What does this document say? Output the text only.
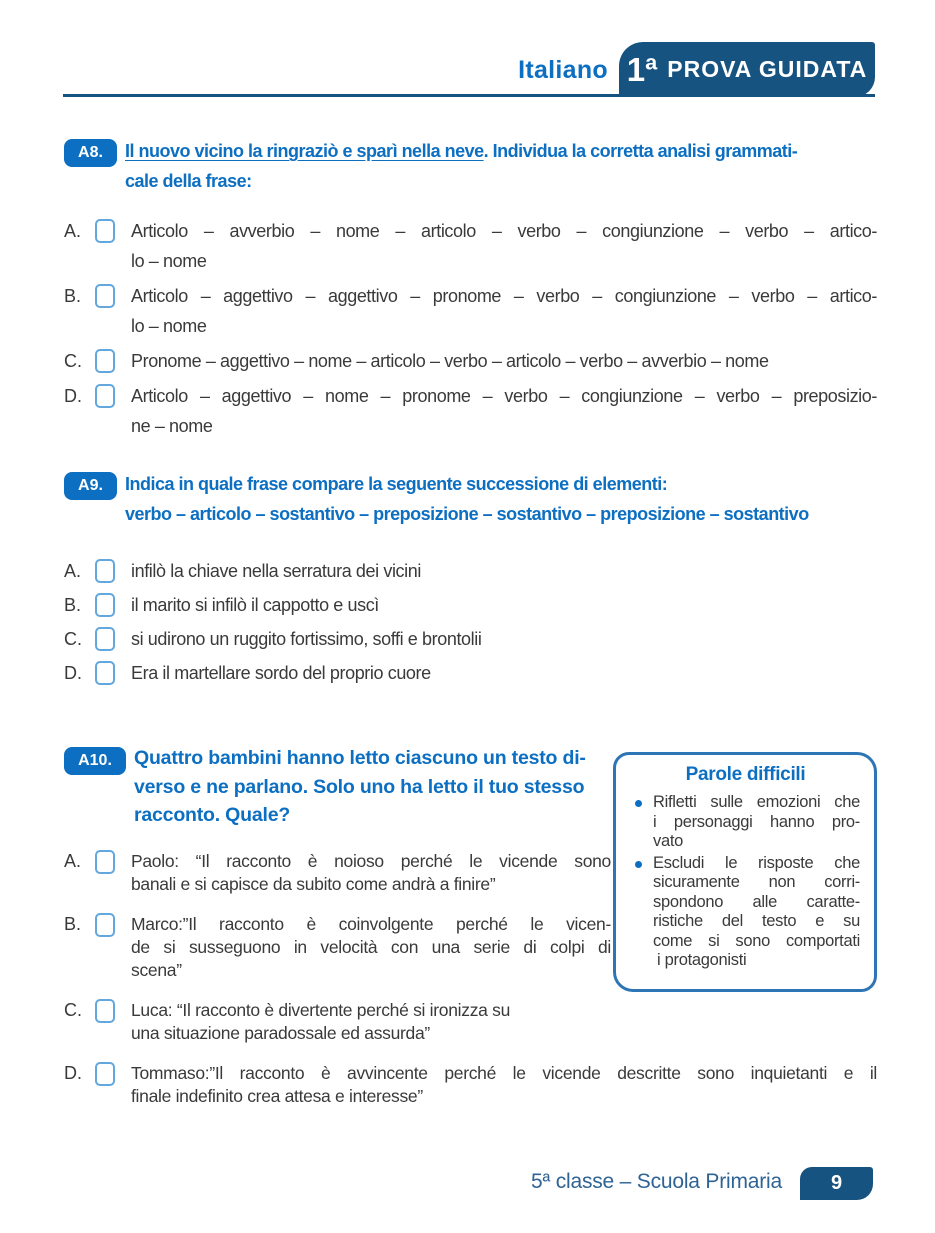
Italiano 1ª PROVA GUIDATA
A8.	Il nuovo vicino la ringraziò e sparì nella neve. Individua la corretta analisi grammati-
cale della frase:
A.	Articolo – avverbio – nome – articolo – verbo – congiunzione – verbo – artico-
lo – nome
B.	Articolo – aggettivo – aggettivo – pronome – verbo – congiunzione – verbo – artico-
lo – nome
C.	Pronome – aggettivo – nome – articolo – verbo – articolo – verbo – avverbio – nome
D.	Articolo – aggettivo – nome – pronome – verbo – congiunzione – verbo – preposizio-
ne – nome
A9.	Indica in quale frase compare la seguente successione di elementi:
verbo – articolo – sostantivo – preposizione – sostantivo – preposizione – sostantivo
A.	infilò la chiave nella serratura dei vicini
B.	il marito si infilò il cappotto e uscì
C.	si udirono un ruggito fortissimo, soffi e brontolii
D.	Era il martellare sordo del proprio cuore
A10.	Quattro bambini hanno letto ciascuno un testo di-
verso e ne parlano. Solo uno ha letto il tuo stesso
racconto. Quale?
Parole difficili
Rifletti sulle emozioni che
i personaggi hanno pro-
vato
Escludi le risposte che
sicuramente non corri-
spondono alle caratte-
ristiche del testo e su
come si sono comportati
i protagonisti
A.	Paolo: “Il racconto è noioso perché le vicende sono
banali e si capisce da subito come andrà a finire”
B.	Marco:”Il racconto è coinvolgente perché le vicen-
de si susseguono in velocità con una serie di colpi di
scena”
C.	Luca: “Il racconto è divertente perché si ironizza su
una situazione paradossale ed assurda”
D.	Tommaso:”Il racconto è avvincente perché le vicende descritte sono inquietanti e il
finale indefinito crea attesa e interesse”
5ª classe – Scuola Primaria	9
